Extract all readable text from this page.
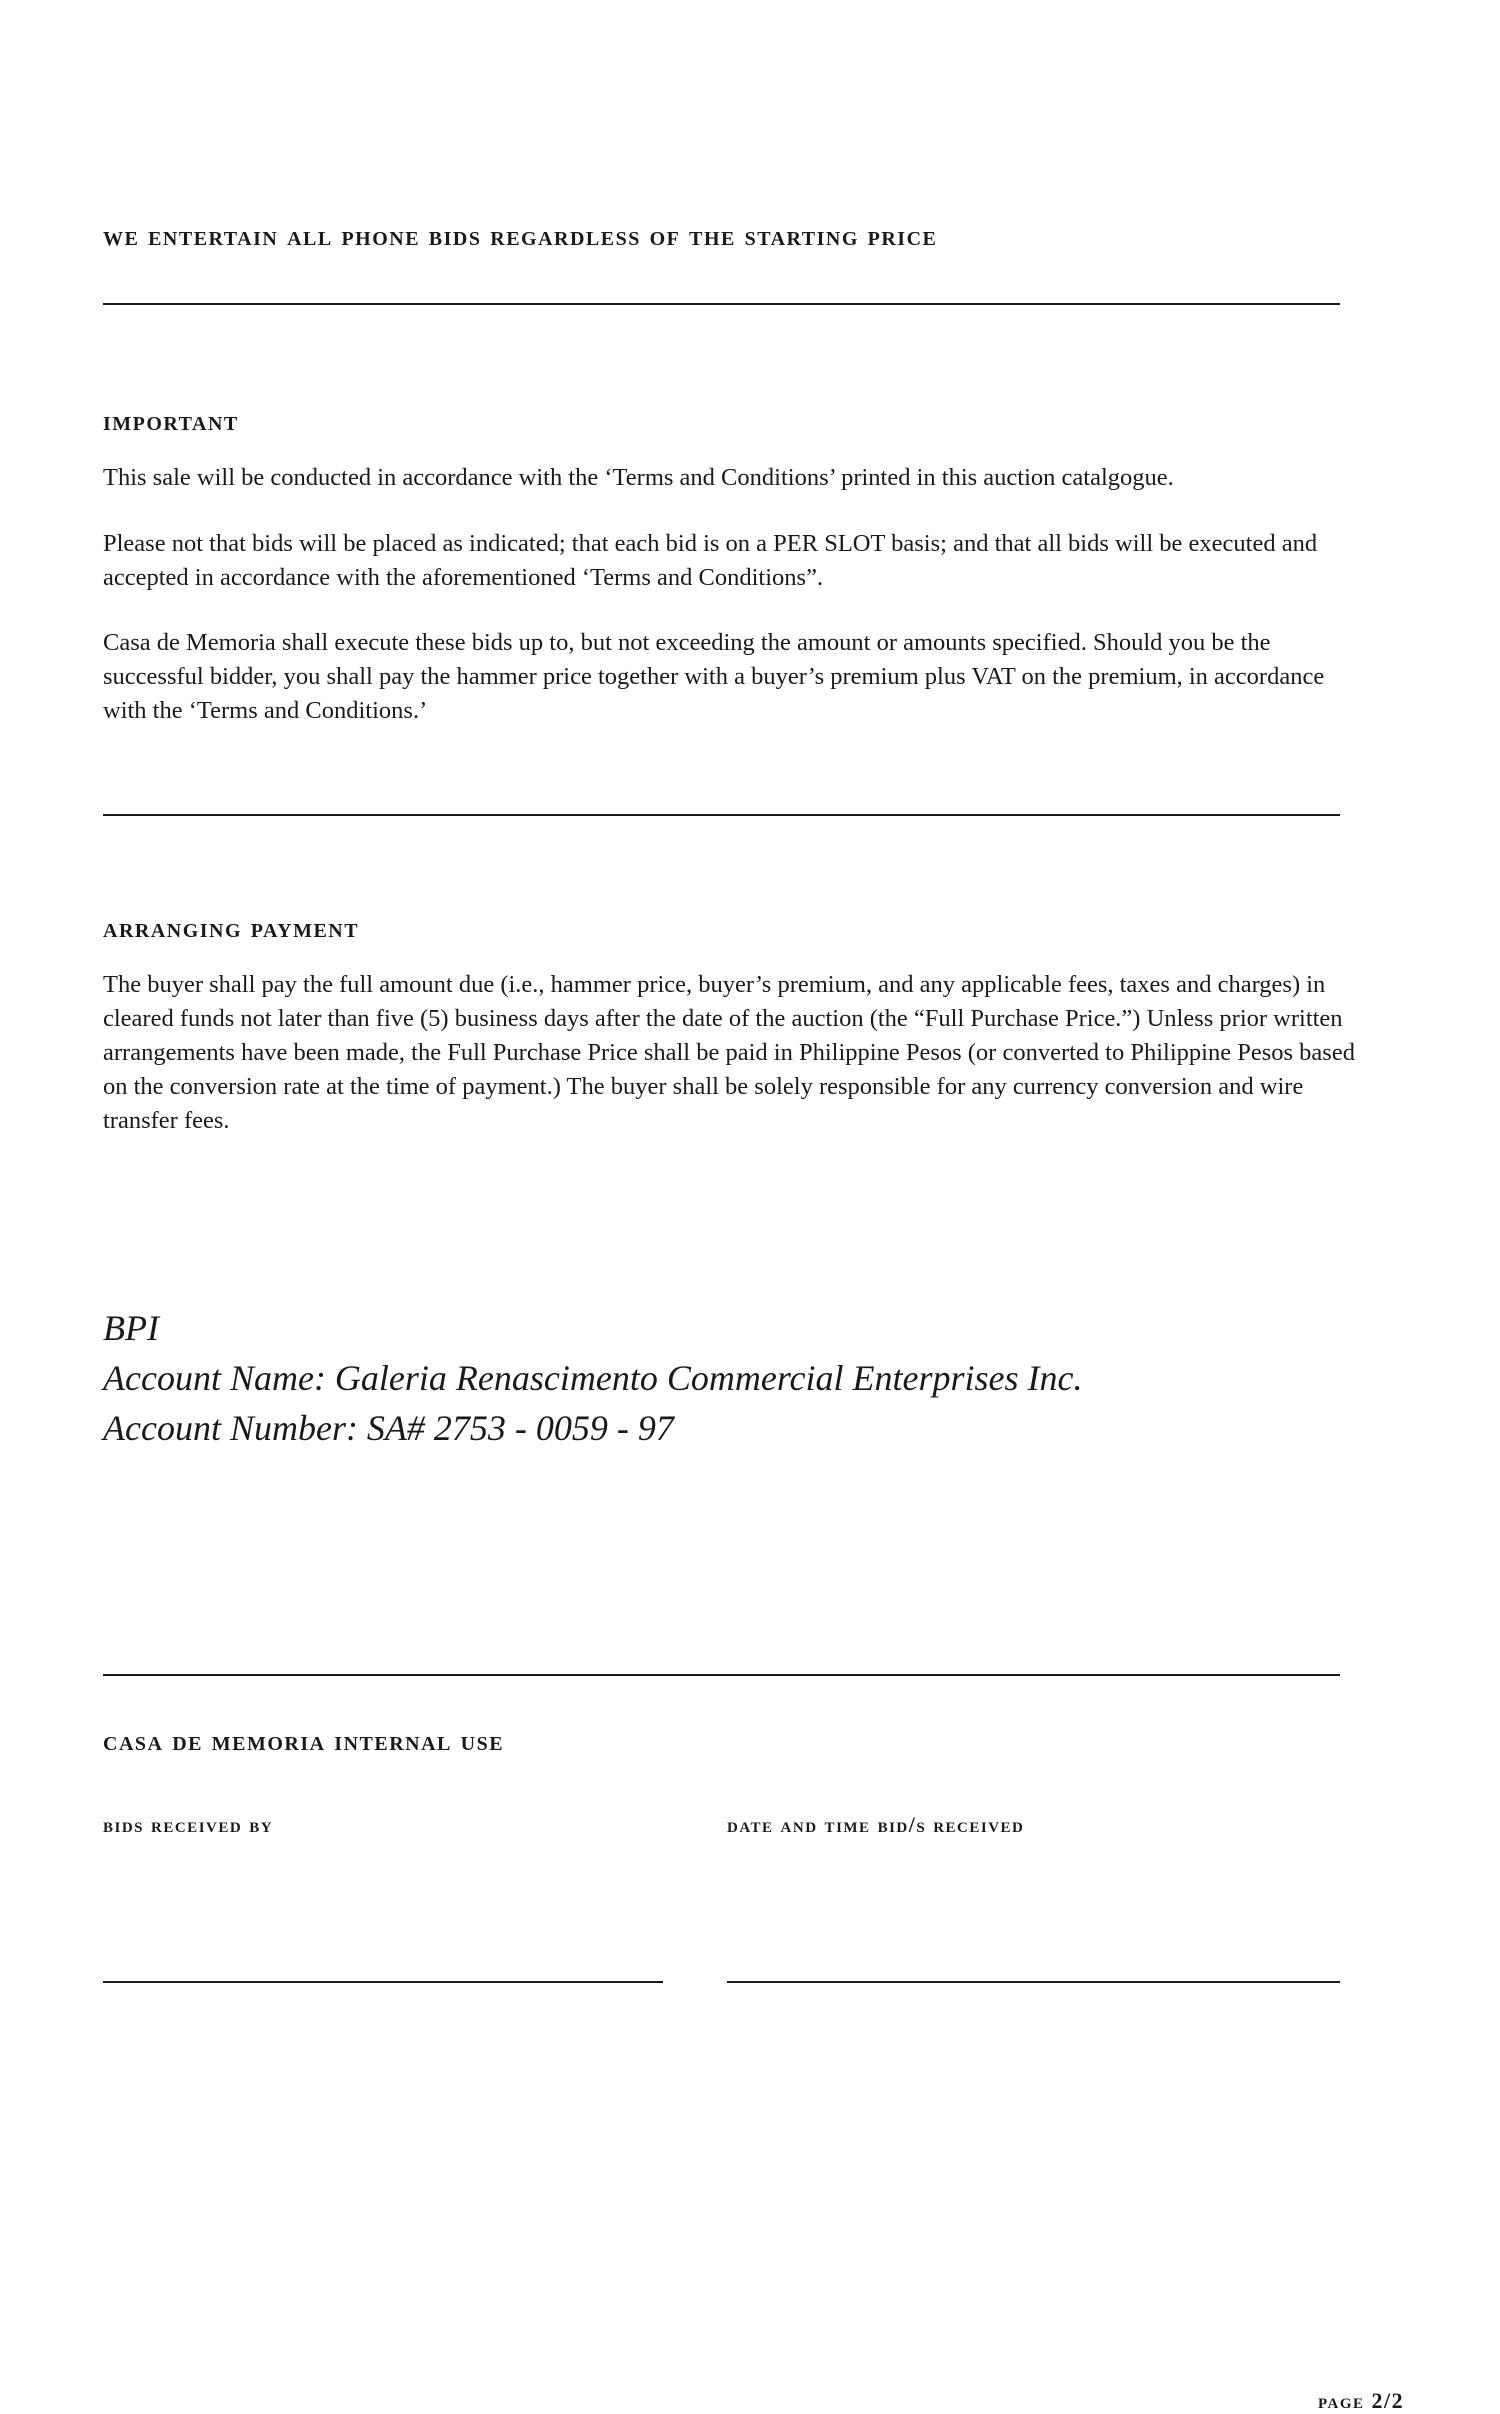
we entertain all phone bids regardless of the starting price

important

This sale will be conducted in accordance with the ‘Terms and Conditions’ printed in this auction catalgogue.

Please not that bids will be placed as indicated; that each bid is on a PER SLOT basis; and that all bids will be executed and accepted in accordance with the aforementioned ‘Terms and Conditions”.

Casa de Memoria shall execute these bids up to, but not exceeding the amount or amounts specified. Should you be the successful bidder, you shall pay the hammer price together with a buyer’s premium plus VAT on the premium, in accordance with the ‘Terms and Conditions.’

arranging payment

The buyer shall pay the full amount due (i.e., hammer price, buyer’s premium, and any applicable fees, taxes and charges) in cleared funds not later than five (5) business days after the date of the auction (the “Full Purchase Price.”) Unless prior written arrangements have been made, the Full Purchase Price shall be paid in Philippine Pesos (or converted to Philippine Pesos based on the conversion rate at the time of payment.) The buyer shall be solely responsible for any currency conversion and wire transfer fees.

BPI

Account Name: Galeria Renascimento Commercial Enterprises Inc.

Account Number: SA# 2753 - 0059 - 97

casa de memoria internal use

bids received by	date and time bid/s received

page 2/2
